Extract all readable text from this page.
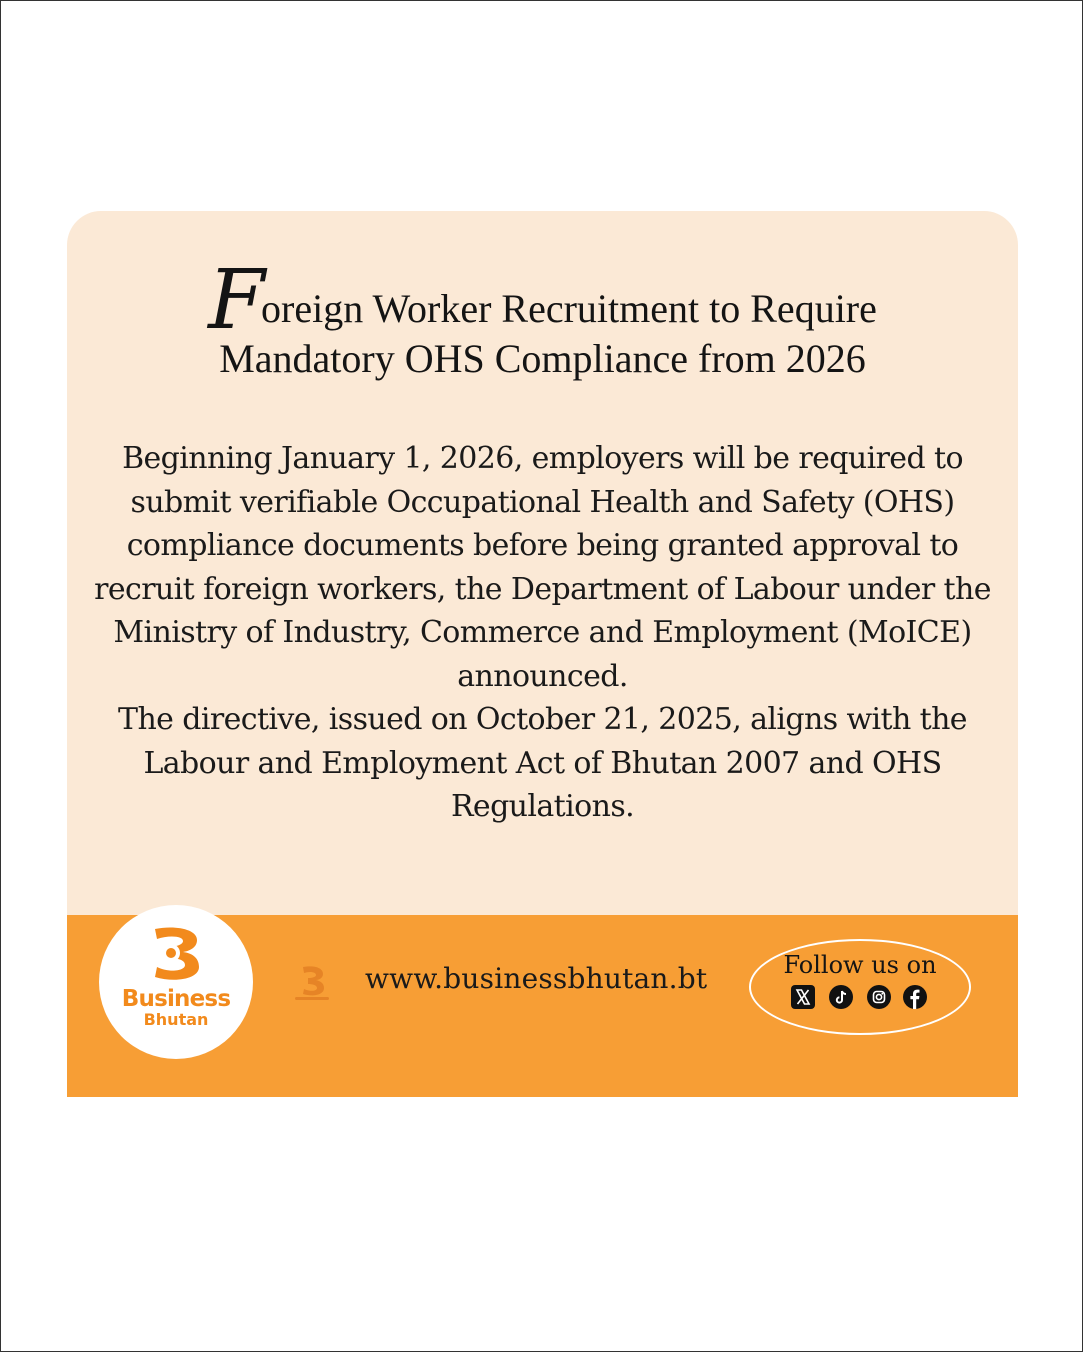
Foreign Worker Recruitment to Require
Mandatory OHS Compliance from 2026

Beginning January 1, 2026, employers will be required to submit verifiable Occupational Health and Safety (OHS) compliance documents before being granted approval to recruit foreign workers, the Department of Labour under the Ministry of Industry, Commerce and Employment (MoICE) announced.

The directive, issued on October 21, 2025, aligns with the Labour and Employment Act of Bhutan 2007 and OHS Regulations.

Business
Bhutan
www.businessbhutan.bt	Follow us on
